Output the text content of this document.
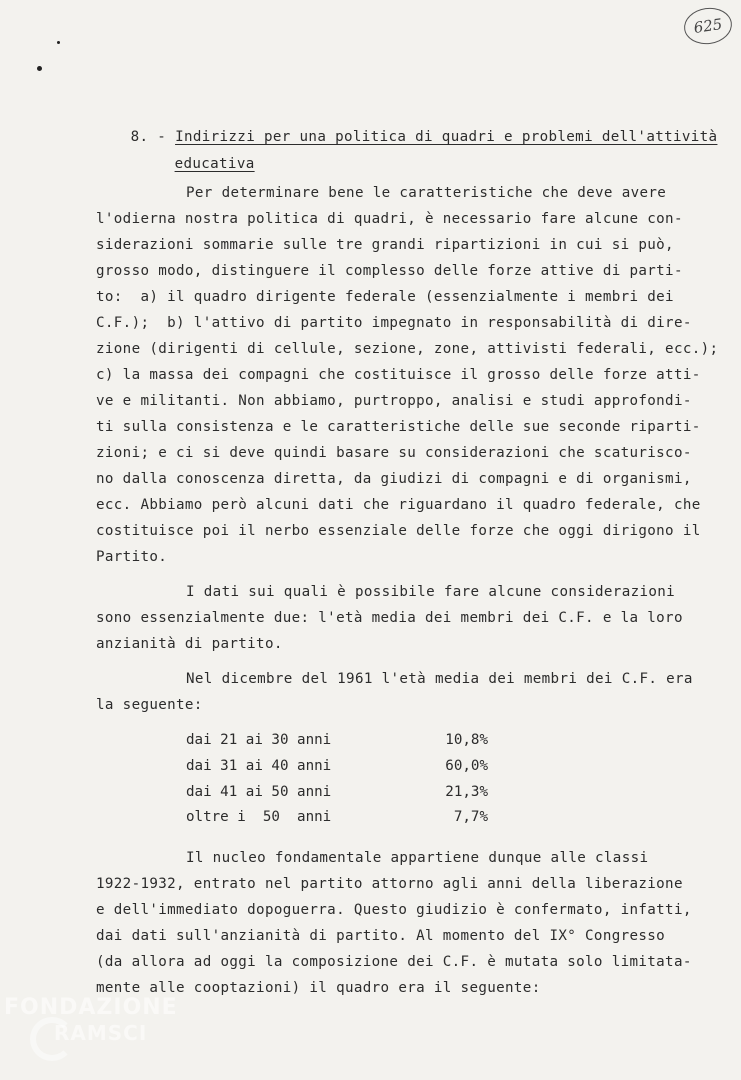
625

8. - Indirizzi per una politica di quadri e problemi dell'attività

educativa

Per determinare bene le caratteristiche che deve avere
l'odierna nostra politica di quadri, è necessario fare alcune con-
siderazioni sommarie sulle tre grandi ripartizioni in cui si può,
grosso modo, distinguere il complesso delle forze attive di parti-
to:  a) il quadro dirigente federale (essenzialmente i membri dei
C.F.);  b) l'attivo di partito impegnato in responsabilità di dire-
zione (dirigenti di cellule, sezione, zone, attivisti federali, ecc.);
c) la massa dei compagni che costituisce il grosso delle forze atti-
ve e militanti. Non abbiamo, purtroppo, analisi e studi approfondi-
ti sulla consistenza e le caratteristiche delle sue seconde riparti-
zioni; e ci si deve quindi basare su considerazioni che scaturisco-
no dalla conoscenza diretta, da giudizi di compagni e di organismi,
ecc. Abbiamo però alcuni dati che riguardano il quadro federale, che
costituisce poi il nerbo essenziale delle forze che oggi dirigono il
Partito.
I dati sui quali è possibile fare alcune considerazioni
sono essenzialmente due: l'età media dei membri dei C.F. e la loro
anzianità di partito.
Nel dicembre del 1961 l'età media dei membri dei C.F. era
la seguente:
dai 21 ai 30 anni	10,8%
dai 31 ai 40 anni	60,0%
dai 41 ai 50 anni	21,3%
oltre i  50  anni	7,7%
Il nucleo fondamentale appartiene dunque alle classi
1922-1932, entrato nel partito attorno agli anni della liberazione
e dell'immediato dopoguerra. Questo giudizio è confermato, infatti,
dai dati sull'anzianità di partito. Al momento del IX° Congresso
(da allora ad oggi la composizione dei C.F. è mutata solo limitata-
mente alle cooptazioni) il quadro era il seguente:
FONDAZIONE
RAMSCI
